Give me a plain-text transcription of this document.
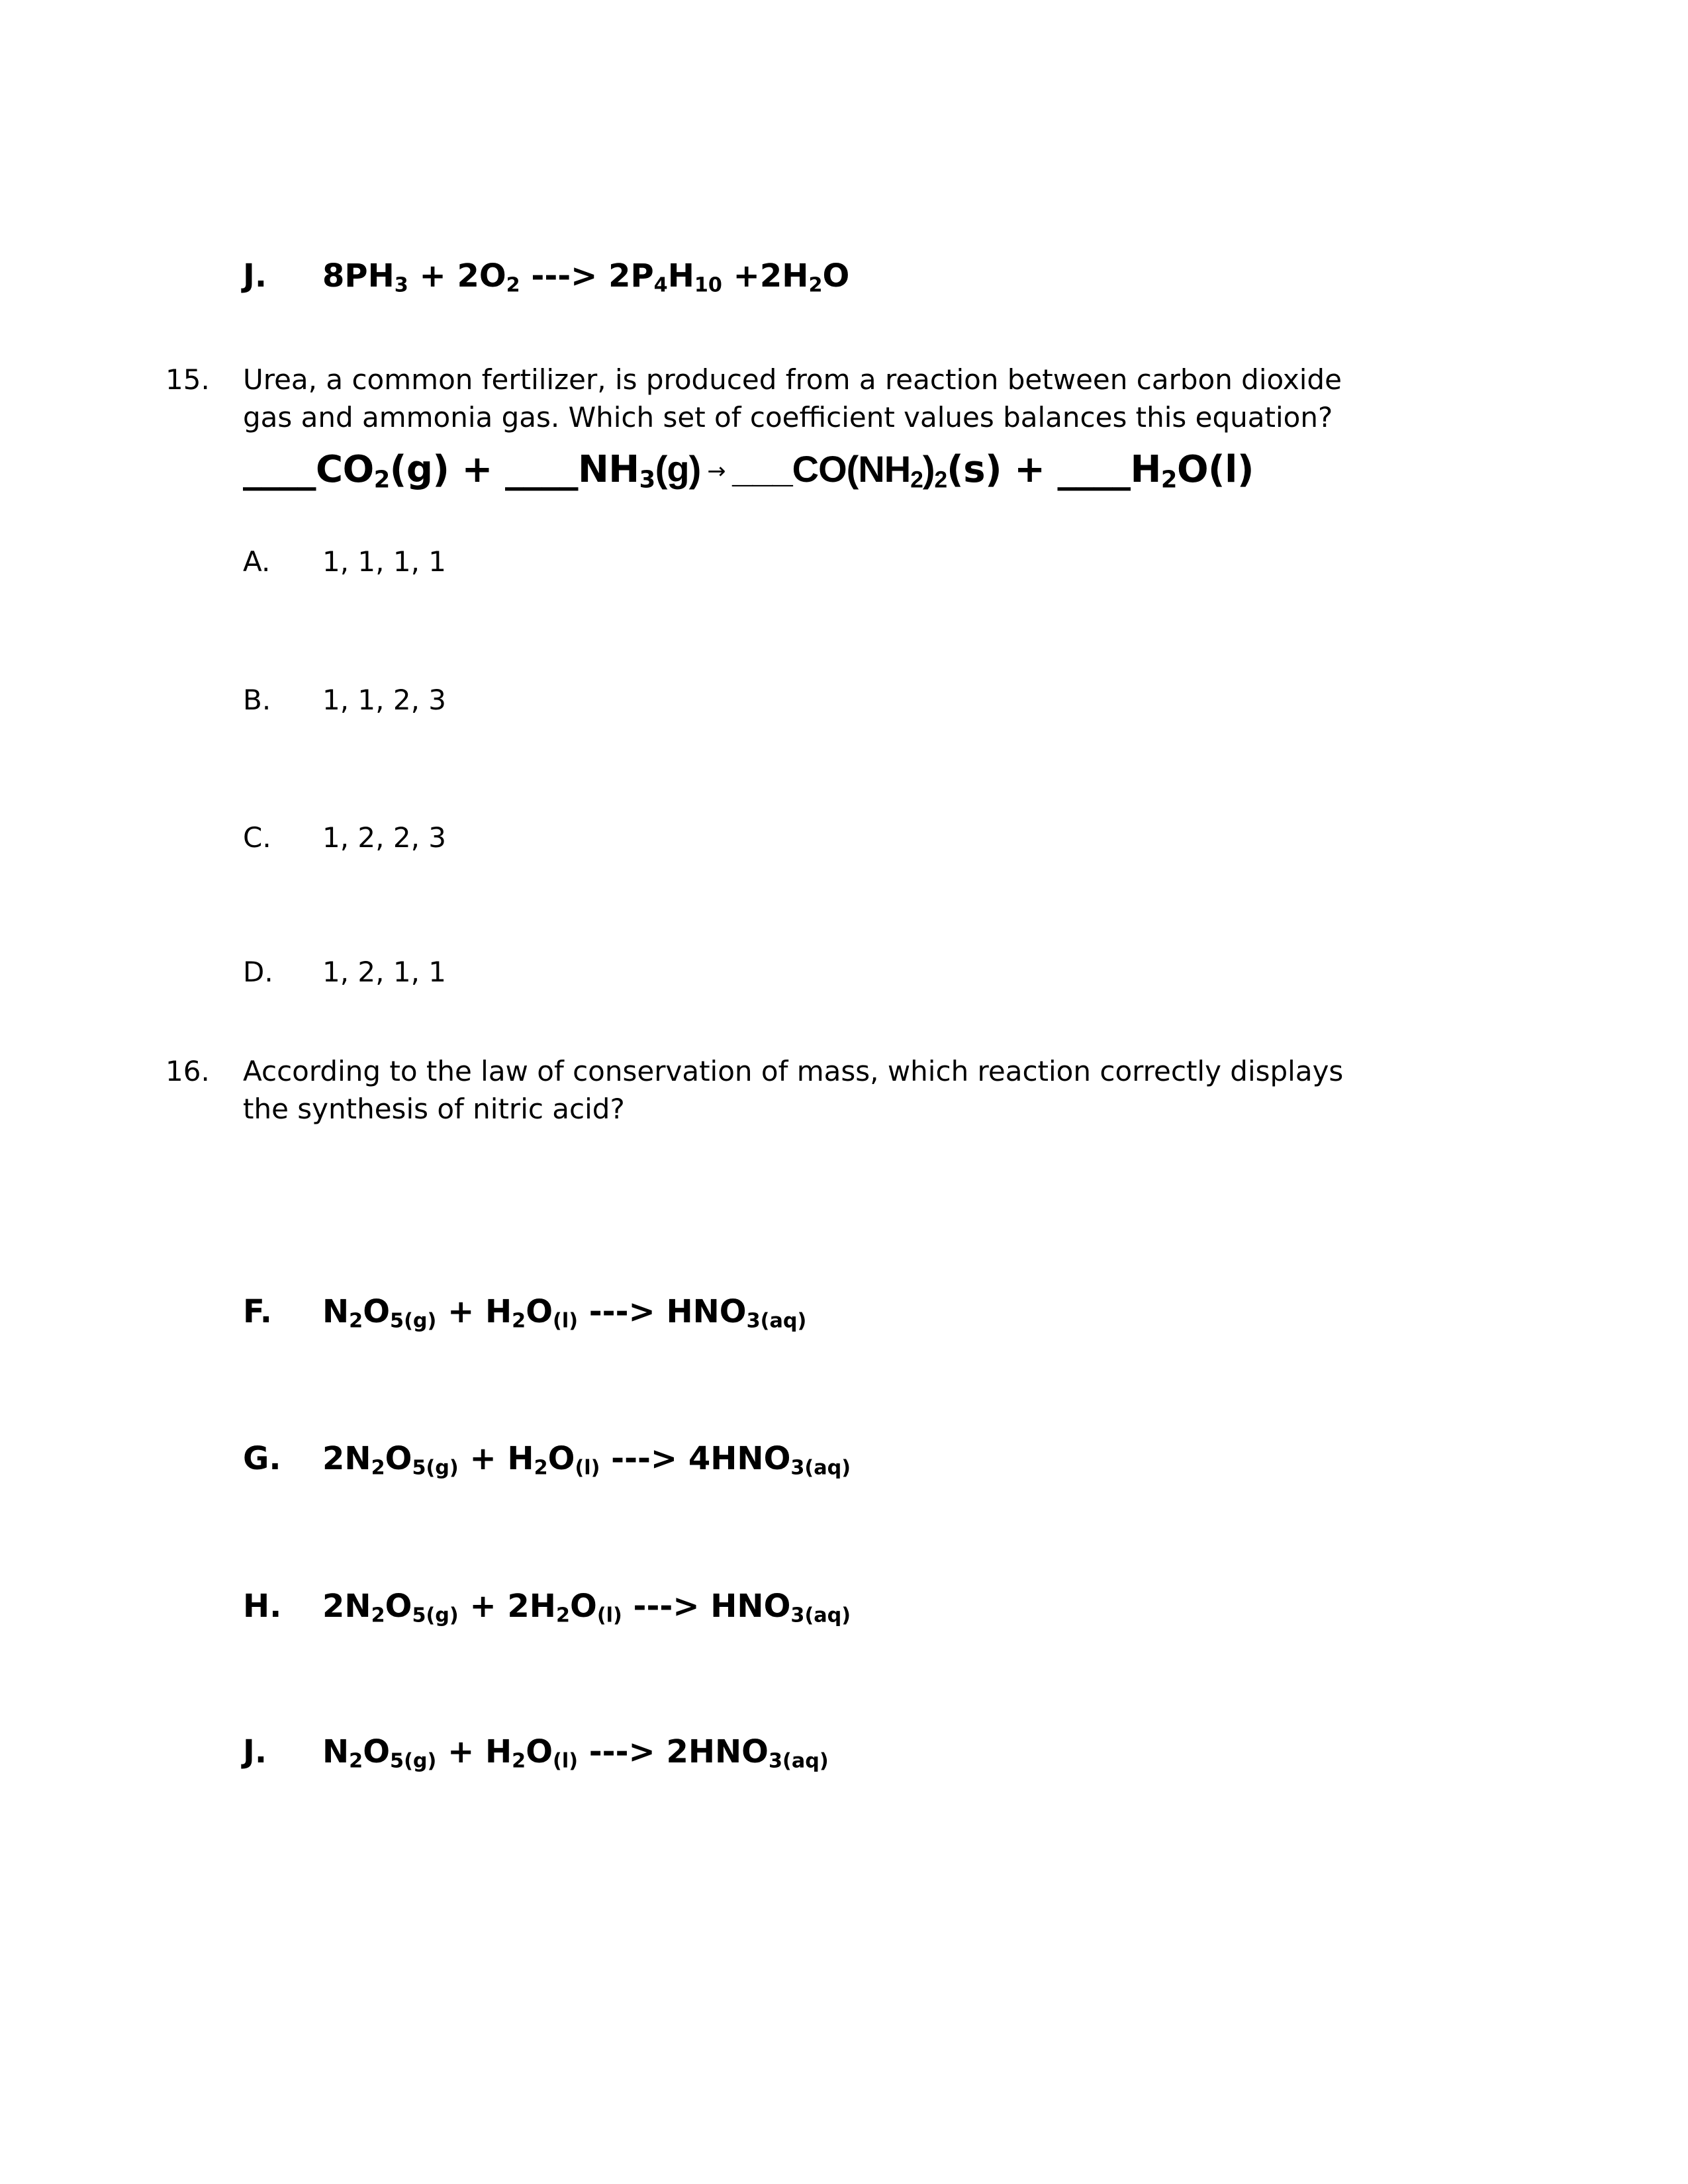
J.	$8PH_3 + 2O_2$ ---> $2P_4H_{10} +2H_2O$
15.	Urea, a common fertilizer, is produced from a reaction between carbon dioxide
gas and ammonia gas. Which set of coefficient values balances this equation?
$\_\_\_\_CO_2(g)$ + $\_\_\_\_NH_3(g)$ → $\_\_\_CO(NH_2)_2(s)$ + $\_\_\_\_H_2O(l)$
A.	1, 1, 1, 1
B.	1, 1, 2, 3
C.	1, 2, 2, 3
D.	1, 2, 1, 1
16.	According to the law of conservation of mass, which reaction correctly displays
the synthesis of nitric acid?
F.	$N_2O_{5(g)} + H_2O_{(l)}$ ---> $HNO_{3(aq)}$
G.	$2N_2O_{5(g)} + H_2O_{(l)}$ ---> $4HNO_{3(aq)}$
H.	$2N_2O_{5(g)} + 2H_2O_{(l)}$ ---> $HNO_{3(aq)}$
J.	$N_2O_{5(g)} + H_2O_{(l)}$ ---> $2HNO_{3(aq)}$
